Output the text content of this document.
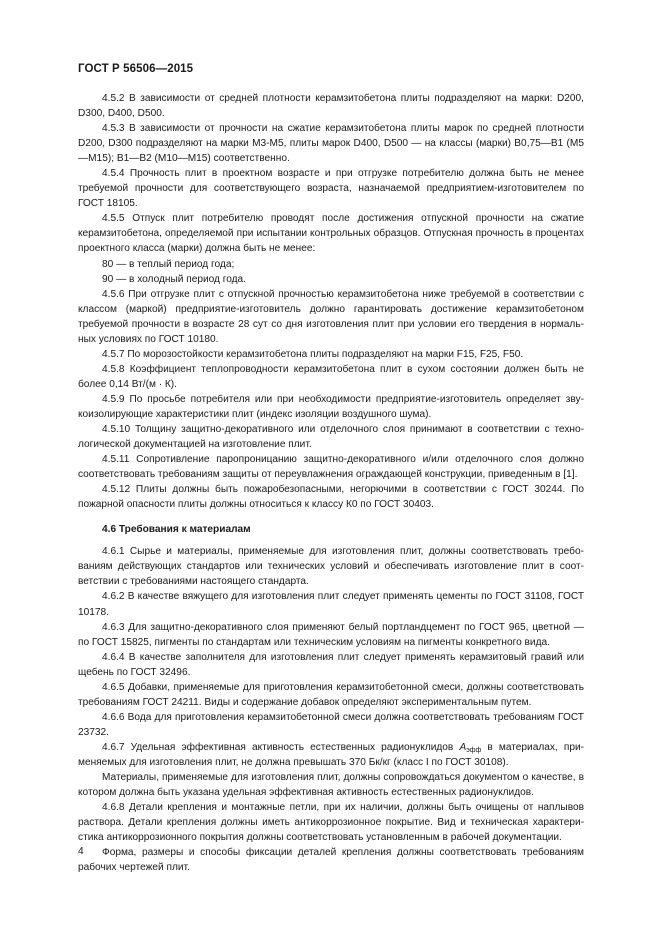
ГОСТ Р 56506—2015

4.5.2 В зависимости от средней плотности керамзитобетона плиты подразделяют на марки: D200, D300, D400, D500.

4.5.3 В зависимости от прочности на сжатие керамзитобетона плиты марок по средней плотности D200, D300 подразделяют на марки М3-М5, плиты марок D400, D500 — на классы (марки) B0,75—B1 (M5—M15); B1—B2 (M10—M15) соответственно.

4.5.4 Прочность плит в проектном возрасте и при отгрузке потребителю должна быть не менее требуемой прочности для соответствующего возраста, назначаемой предприятием-изготовителем по ГОСТ 18105.

4.5.5 Отпуск плит потребителю проводят после достижения отпускной прочности на сжатие керамзитобетона, определяемой при испытании контрольных образцов. Отпускная прочность в процентах проектного класса (марки) должна быть не менее:

80 — в теплый период года;

90 — в холодный период года.

4.5.6 При отгрузке плит с отпускной прочностью керамзитобетона ниже требуемой в соответствии с классом (маркой) предприятие-изготовитель должно гарантировать достижение керамзитобетоном требуемой прочности в возрасте 28 сут со дня изготовления плит при условии его твердения в нормальных условиях по ГОСТ 10180.

4.5.7 По морозостойкости керамзитобетона плиты подразделяют на марки F15, F25, F50.

4.5.8 Коэффициент теплопроводности керамзитобетона плит в сухом состоянии должен быть не более 0,14 Вт/(м · К).

4.5.9 По просьбе потребителя или при необходимости предприятие-изготовитель определяет звукоизолирующие характеристики плит (индекс изоляции воздушного шума).

4.5.10 Толщину защитно-декоративного или отделочного слоя принимают в соответствии с технологической документацией на изготовление плит.

4.5.11 Сопротивление паропроницанию защитно-декоративного и/или отделочного слоя должно соответствовать требованиям защиты от переувлажнения ограждающей конструкции, приведенным в [1].

4.5.12 Плиты должны быть пожаробезопасными, негорючими в соответствии с ГОСТ 30244. По пожарной опасности плиты должны относиться к классу К0 по ГОСТ 30403.

4.6 Требования к материалам

4.6.1 Сырье и материалы, применяемые для изготовления плит, должны соответствовать требованиям действующих стандартов или технических условий и обеспечивать изготовление плит в соответствии с требованиями настоящего стандарта.

4.6.2 В качестве вяжущего для изготовления плит следует применять цементы по ГОСТ 31108, ГОСТ 10178.

4.6.3 Для защитно-декоративного слоя применяют белый портландцемент по ГОСТ 965, цветной — по ГОСТ 15825, пигменты по стандартам или техническим условиям на пигменты конкретного вида.

4.6.4 В качестве заполнителя для изготовления плит следует применять керамзитовый гравий или щебень по ГОСТ 32496.

4.6.5 Добавки, применяемые для приготовления керамзитобетонной смеси, должны соответствовать требованиям ГОСТ 24211. Виды и содержание добавок определяют экспериментальным путем.

4.6.6 Вода для приготовления керамзитобетонной смеси должна соответствовать требованиям ГОСТ 23732.

4.6.7 Удельная эффективная активность естественных радионуклидов $А_{эфф}$ в материалах, применяемых для изготовления плит, не должна превышать 370 Бк/кг (класс I по ГОСТ 30108).

Материалы, применяемые для изготовления плит, должны сопровождаться документом о качестве, в котором должна быть указана удельная эффективная активность естественных радионуклидов.

4.6.8 Детали крепления и монтажные петли, при их наличии, должны быть очищены от наплывов раствора. Детали крепления должны иметь антикоррозионное покрытие. Вид и техническая характеристика антикоррозионного покрытия должны соответствовать установленным в рабочей документации.

Форма, размеры и способы фиксации деталей крепления должны соответствовать требованиям рабочих чертежей плит.

4
